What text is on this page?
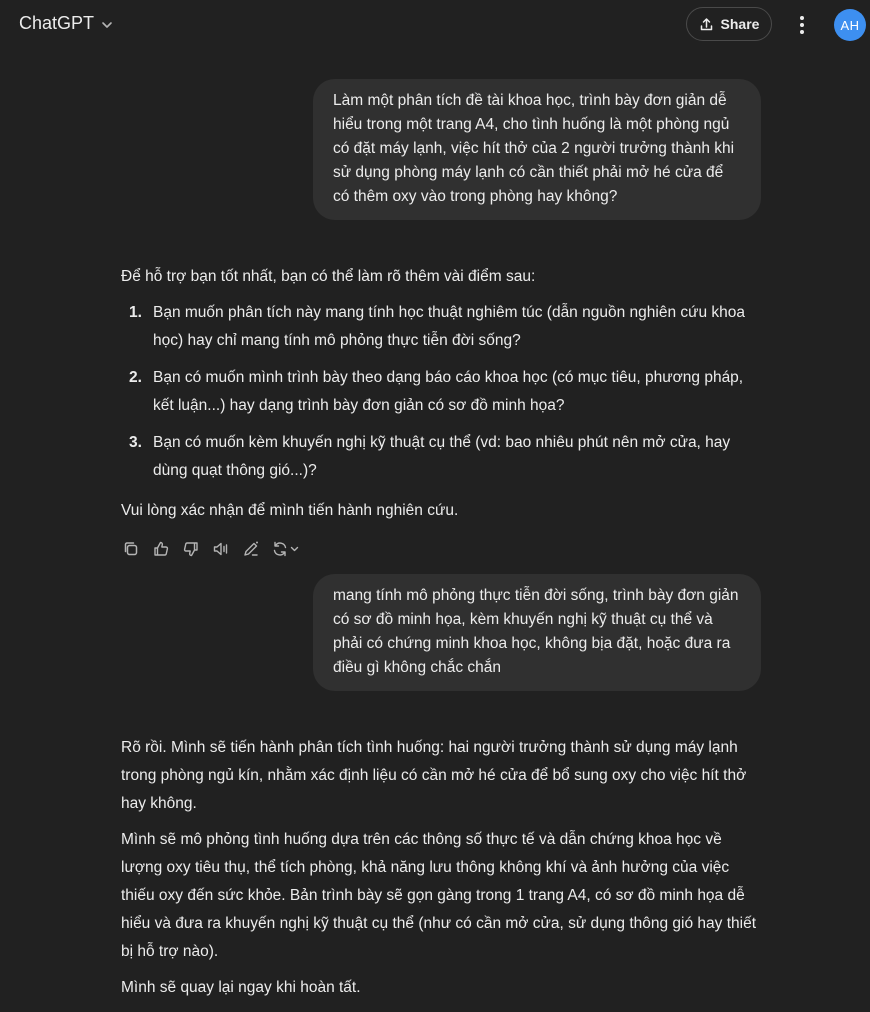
ChatGPT	Share	AH
Làm một phân tích đề tài khoa học, trình bày đơn giản dễ hiểu trong một trang A4, cho tình huống là một phòng ngủ có đặt máy lạnh, việc hít thở của 2 người trưởng thành khi sử dụng phòng máy lạnh có cần thiết phải mở hé cửa để có thêm oxy vào trong phòng hay không?

Để hỗ trợ bạn tốt nhất, bạn có thể làm rõ thêm vài điểm sau:

1. Bạn muốn phân tích này mang tính học thuật nghiêm túc (dẫn nguồn nghiên cứu khoa học) hay chỉ mang tính mô phỏng thực tiễn đời sống?
2. Bạn có muốn mình trình bày theo dạng báo cáo khoa học (có mục tiêu, phương pháp, kết luận...) hay dạng trình bày đơn giản có sơ đồ minh họa?
3. Bạn có muốn kèm khuyến nghị kỹ thuật cụ thể (vd: bao nhiêu phút nên mở cửa, hay dùng quạt thông gió...)?

Vui lòng xác nhận để mình tiến hành nghiên cứu.

mang tính mô phỏng thực tiễn đời sống, trình bày đơn giản có sơ đồ minh họa, kèm khuyến nghị kỹ thuật cụ thể và phải có chứng minh khoa học, không bịa đặt, hoặc đưa ra điều gì không chắc chắn

Rõ rồi. Mình sẽ tiến hành phân tích tình huống: hai người trưởng thành sử dụng máy lạnh trong phòng ngủ kín, nhằm xác định liệu có cần mở hé cửa để bổ sung oxy cho việc hít thở hay không.

Mình sẽ mô phỏng tình huống dựa trên các thông số thực tế và dẫn chứng khoa học về lượng oxy tiêu thụ, thể tích phòng, khả năng lưu thông không khí và ảnh hưởng của việc thiếu oxy đến sức khỏe. Bản trình bày sẽ gọn gàng trong 1 trang A4, có sơ đồ minh họa dễ hiểu và đưa ra khuyến nghị kỹ thuật cụ thể (như có cần mở cửa, sử dụng thông gió hay thiết bị hỗ trợ nào).

Mình sẽ quay lại ngay khi hoàn tất.
